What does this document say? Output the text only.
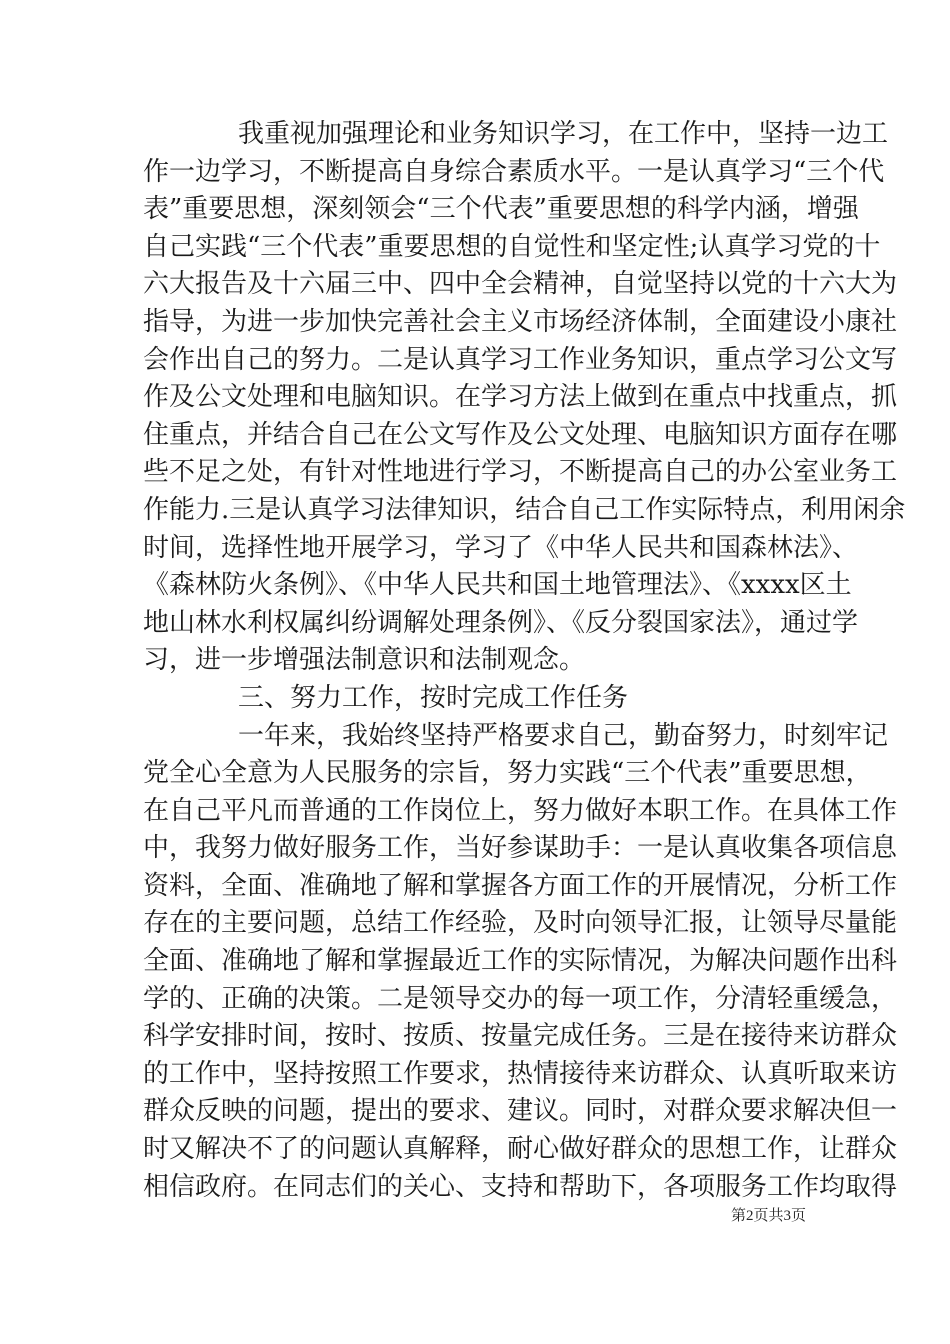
我重视加强理论和业务知识学习，在工作中，坚持一边工
作一边学习，不断提高自身综合素质水平。一是认真学习“三个代
表”重要思想，深刻领会“三个代表”重要思想的科学内涵，增强
自己实践“三个代表”重要思想的自觉性和坚定性;认真学习党的十
六大报告及十六届三中、四中全会精神，自觉坚持以党的十六大为
指导，为进一步加快完善社会主义市场经济体制，全面建设小康社
会作出自己的努力。二是认真学习工作业务知识，重点学习公文写
作及公文处理和电脑知识。在学习方法上做到在重点中找重点，抓
住重点，并结合自己在公文写作及公文处理、电脑知识方面存在哪
些不足之处，有针对性地进行学习，不断提高自己的办公室业务工
作能力.三是认真学习法律知识，结合自己工作实际特点，利用闲余
时间，选择性地开展学习，学习了《中华人民共和国森林法》、
《森林防火条例》、《中华人民共和国土地管理法》、《xxxx区土
地山林水利权属纠纷调解处理条例》、《反分裂国家法》，通过学
习，进一步增强法制意识和法制观念。
三、努力工作，按时完成工作任务
一年来，我始终坚持严格要求自己，勤奋努力，时刻牢记
党全心全意为人民服务的宗旨，努力实践“三个代表”重要思想，
在自己平凡而普通的工作岗位上，努力做好本职工作。在具体工作
中，我努力做好服务工作，当好参谋助手：一是认真收集各项信息
资料，全面、准确地了解和掌握各方面工作的开展情况，分析工作
存在的主要问题，总结工作经验，及时向领导汇报，让领导尽量能
全面、准确地了解和掌握最近工作的实际情况，为解决问题作出科
学的、正确的决策。二是领导交办的每一项工作，分清轻重缓急，
科学安排时间，按时、按质、按量完成任务。三是在接待来访群众
的工作中，坚持按照工作要求，热情接待来访群众、认真听取来访
群众反映的问题，提出的要求、建议。同时，对群众要求解决但一
时又解决不了的问题认真解释，耐心做好群众的思想工作，让群众
相信政府。在同志们的关心、支持和帮助下，各项服务工作均取得
第2页共3页
